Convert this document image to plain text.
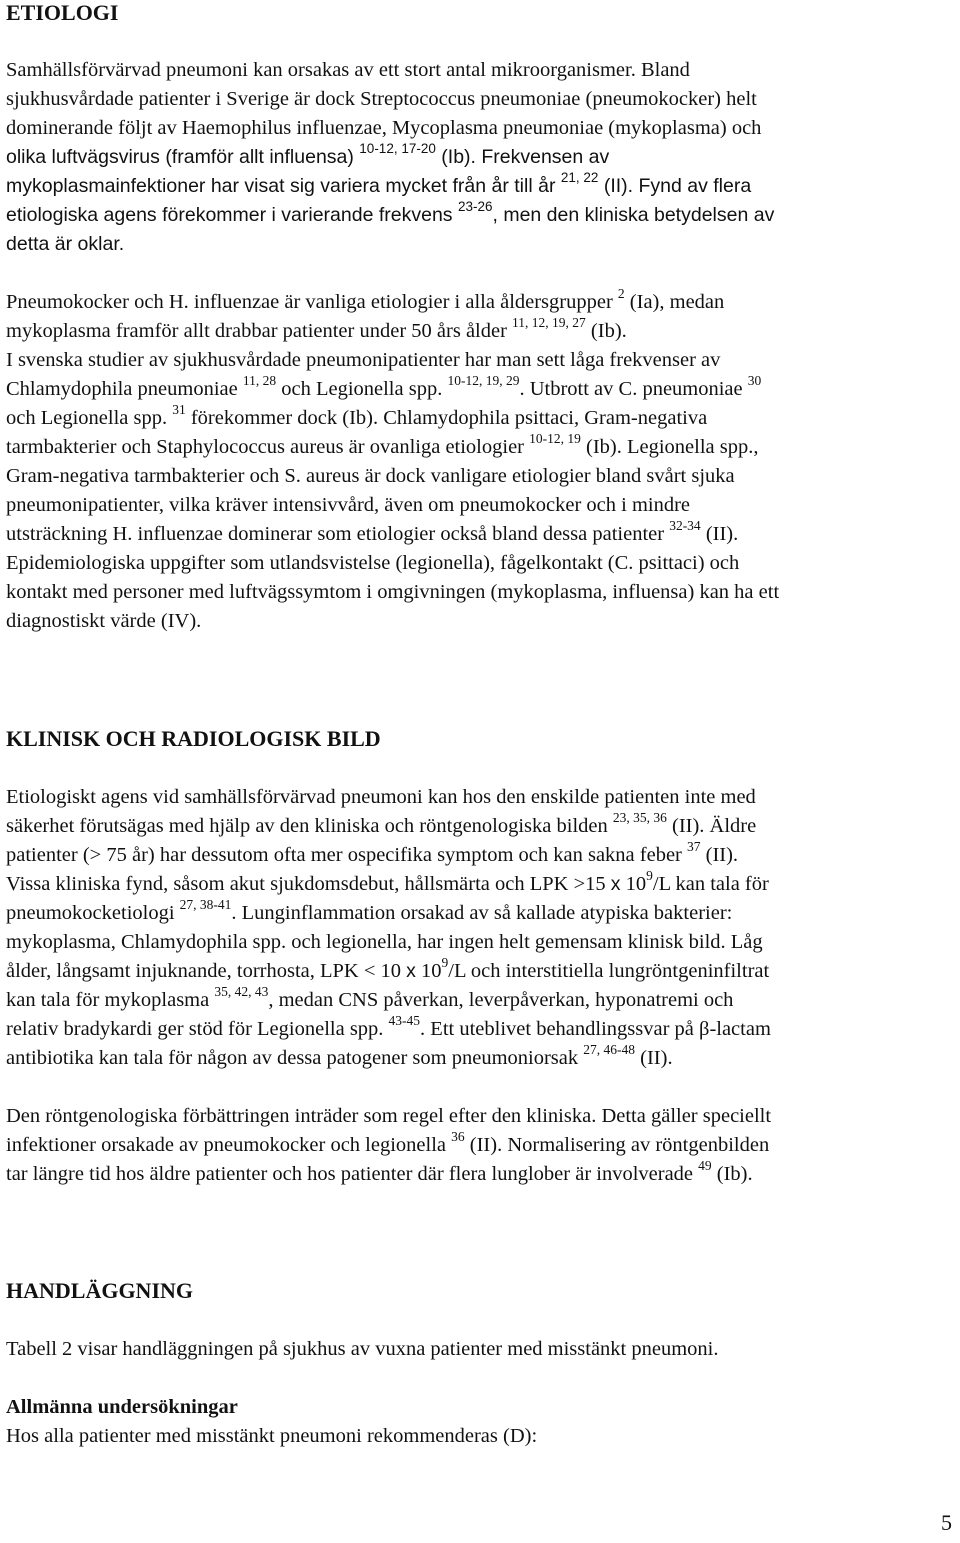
ETIOLOGI
Samhällsförvärvad pneumoni kan orsakas av ett stort antal mikroorganismer. Bland
sjukhusvårdade patienter i Sverige är dock Streptococcus pneumoniae (pneumokocker) helt
dominerande följt av Haemophilus influenzae, Mycoplasma pneumoniae (mykoplasma) och
olika luftvägsvirus (framför allt influensa) $^{10-12, 17-20}$ (Ib). Frekvensen av
mykoplasmainfektioner har visat sig variera mycket från år till år $^{21, 22}$ (II). Fynd av flera
etiologiska agens förekommer i varierande frekvens $^{23-26}$, men den kliniska betydelsen av
detta är oklar.
Pneumokocker och H. influenzae är vanliga etiologier i alla åldersgrupper $^2$ (Ia), medan
mykoplasma framför allt drabbar patienter under 50 års ålder $^{11, 12, 19, 27}$ (Ib).
I svenska studier av sjukhusvårdade pneumonipatienter har man sett låga frekvenser av
Chlamydophila pneumoniae $^{11, 28}$ och Legionella spp. $^{10-12, 19, 29}$. Utbrott av C. pneumoniae $^{30}$
och Legionella spp. $^{31}$ förekommer dock (Ib). Chlamydophila psittaci, Gram-negativa
tarmbakterier och Staphylococcus aureus är ovanliga etiologier $^{10-12, 19}$ (Ib). Legionella spp.,
Gram-negativa tarmbakterier och S. aureus är dock vanligare etiologier bland svårt sjuka
pneumonipatienter, vilka kräver intensivvård, även om pneumokocker och i mindre
utsträckning H. influenzae dominerar som etiologier också bland dessa patienter $^{32-34}$ (II).
Epidemiologiska uppgifter som utlandsvistelse (legionella), fågelkontakt (C. psittaci) och
kontakt med personer med luftvägssymtom i omgivningen (mykoplasma, influensa) kan ha ett
diagnostiskt värde (IV).
KLINISK OCH RADIOLOGISK BILD
Etiologiskt agens vid samhällsförvärvad pneumoni kan hos den enskilde patienten inte med
säkerhet förutsägas med hjälp av den kliniska och röntgenologiska bilden $^{23, 35, 36}$ (II). Äldre
patienter (> 75 år) har dessutom ofta mer ospecifika symptom och kan sakna feber $^{37}$ (II).
Vissa kliniska fynd, såsom akut sjukdomsdebut, hållsmärta och LPK >15 x 10$^9$/L kan tala för
pneumokocketiologi $^{27, 38-41}$. Lunginflammation orsakad av så kallade atypiska bakterier:
mykoplasma, Chlamydophila spp. och legionella, har ingen helt gemensam klinisk bild. Låg
ålder, långsamt injuknande, torrhosta, LPK < 10 x 10$^9$/L och interstitiella lungröntgeninfiltrat
kan tala för mykoplasma $^{35, 42, 43}$, medan CNS påverkan, leverpåverkan, hyponatremi och
relativ bradykardi ger stöd för Legionella spp. $^{43-45}$. Ett uteblivet behandlingssvar på β-lactam
antibiotika kan tala för någon av dessa patogener som pneumoniorsak $^{27, 46-48}$ (II).
Den röntgenologiska förbättringen inträder som regel efter den kliniska. Detta gäller speciellt
infektioner orsakade av pneumokocker och legionella $^{36}$ (II). Normalisering av röntgenbilden
tar längre tid hos äldre patienter och hos patienter där flera lunglober är involverade $^{49}$ (Ib).
HANDLÄGGNING
Tabell 2 visar handläggningen på sjukhus av vuxna patienter med misstänkt pneumoni.
Allmänna undersökningar
Hos alla patienter med misstänkt pneumoni rekommenderas (D):
5
